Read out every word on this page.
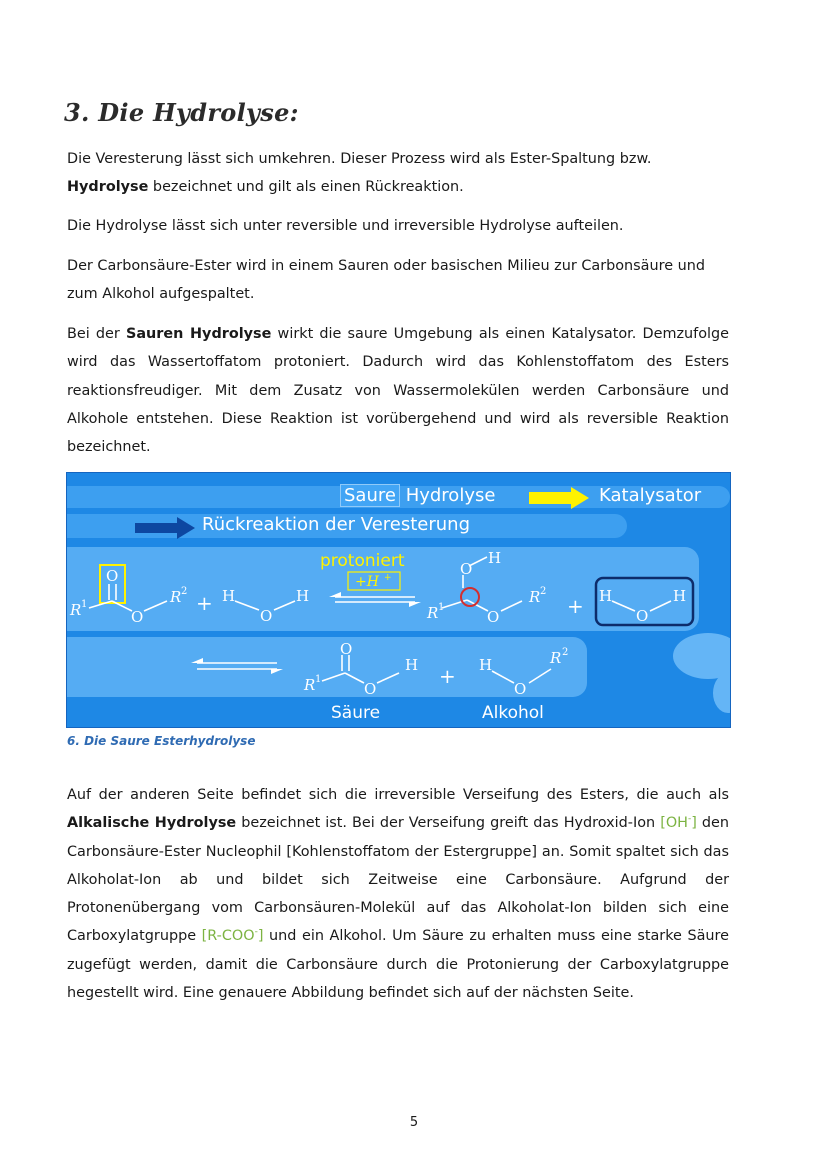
3. Die Hydrolyse:

Die Veresterung lässt sich umkehren. Dieser Prozess wird als Ester-Spaltung bzw. Hydrolyse bezeichnet und gilt als einen Rückreaktion.

Die Hydrolyse lässt sich unter reversible und irreversible Hydrolyse aufteilen.

Der Carbonsäure-Ester wird in einem Sauren oder basischen Milieu zur Carbonsäure und zum Alkohol aufgespaltet.

Bei der Sauren Hydrolyse wirkt die saure Umgebung als einen Katalysator. Demzufolge wird das Wassertoffatom protoniert. Dadurch wird das Kohlenstoffatom des Esters reaktionsfreudiger. Mit dem Zusatz von Wassermolekülen werden Carbonsäure und Alkohole entstehen. Diese Reaktion ist vorübergehend und wird als reversible Reaktion bezeichnet.

Saure Hydrolyse	Katalysator
Rückreaktion der Veresterung
O
R 1
O
R 2 + H
O
H
O
H
R 1
O
R 2
+ H
O
H
O
R 1
O
H + H
O
R 2
protoniert
+H +
Säure	Alkohol

6. Die Saure Esterhydrolyse

Auf der anderen Seite befindet sich die irreversible Verseifung des Esters, die auch als Alkalische Hydrolyse bezeichnet ist. Bei der Verseifung greift das Hydroxid-Ion [OH-] den Carbonsäure-Ester Nucleophil [Kohlenstoffatom der Estergruppe] an. Somit spaltet sich das Alkoholat-Ion ab und bildet sich Zeitweise eine Carbonsäure. Aufgrund der Protonenübergang vom Carbonsäuren-Molekül auf das Alkoholat-Ion bilden sich eine Carboxylatgruppe [R-COO-] und ein Alkohol. Um Säure zu erhalten muss eine starke Säure zugefügt werden, damit die Carbonsäure durch die Protonierung der Carboxylatgruppe hegestellt wird. Eine genauere Abbildung befindet sich auf der nächsten Seite.

5
